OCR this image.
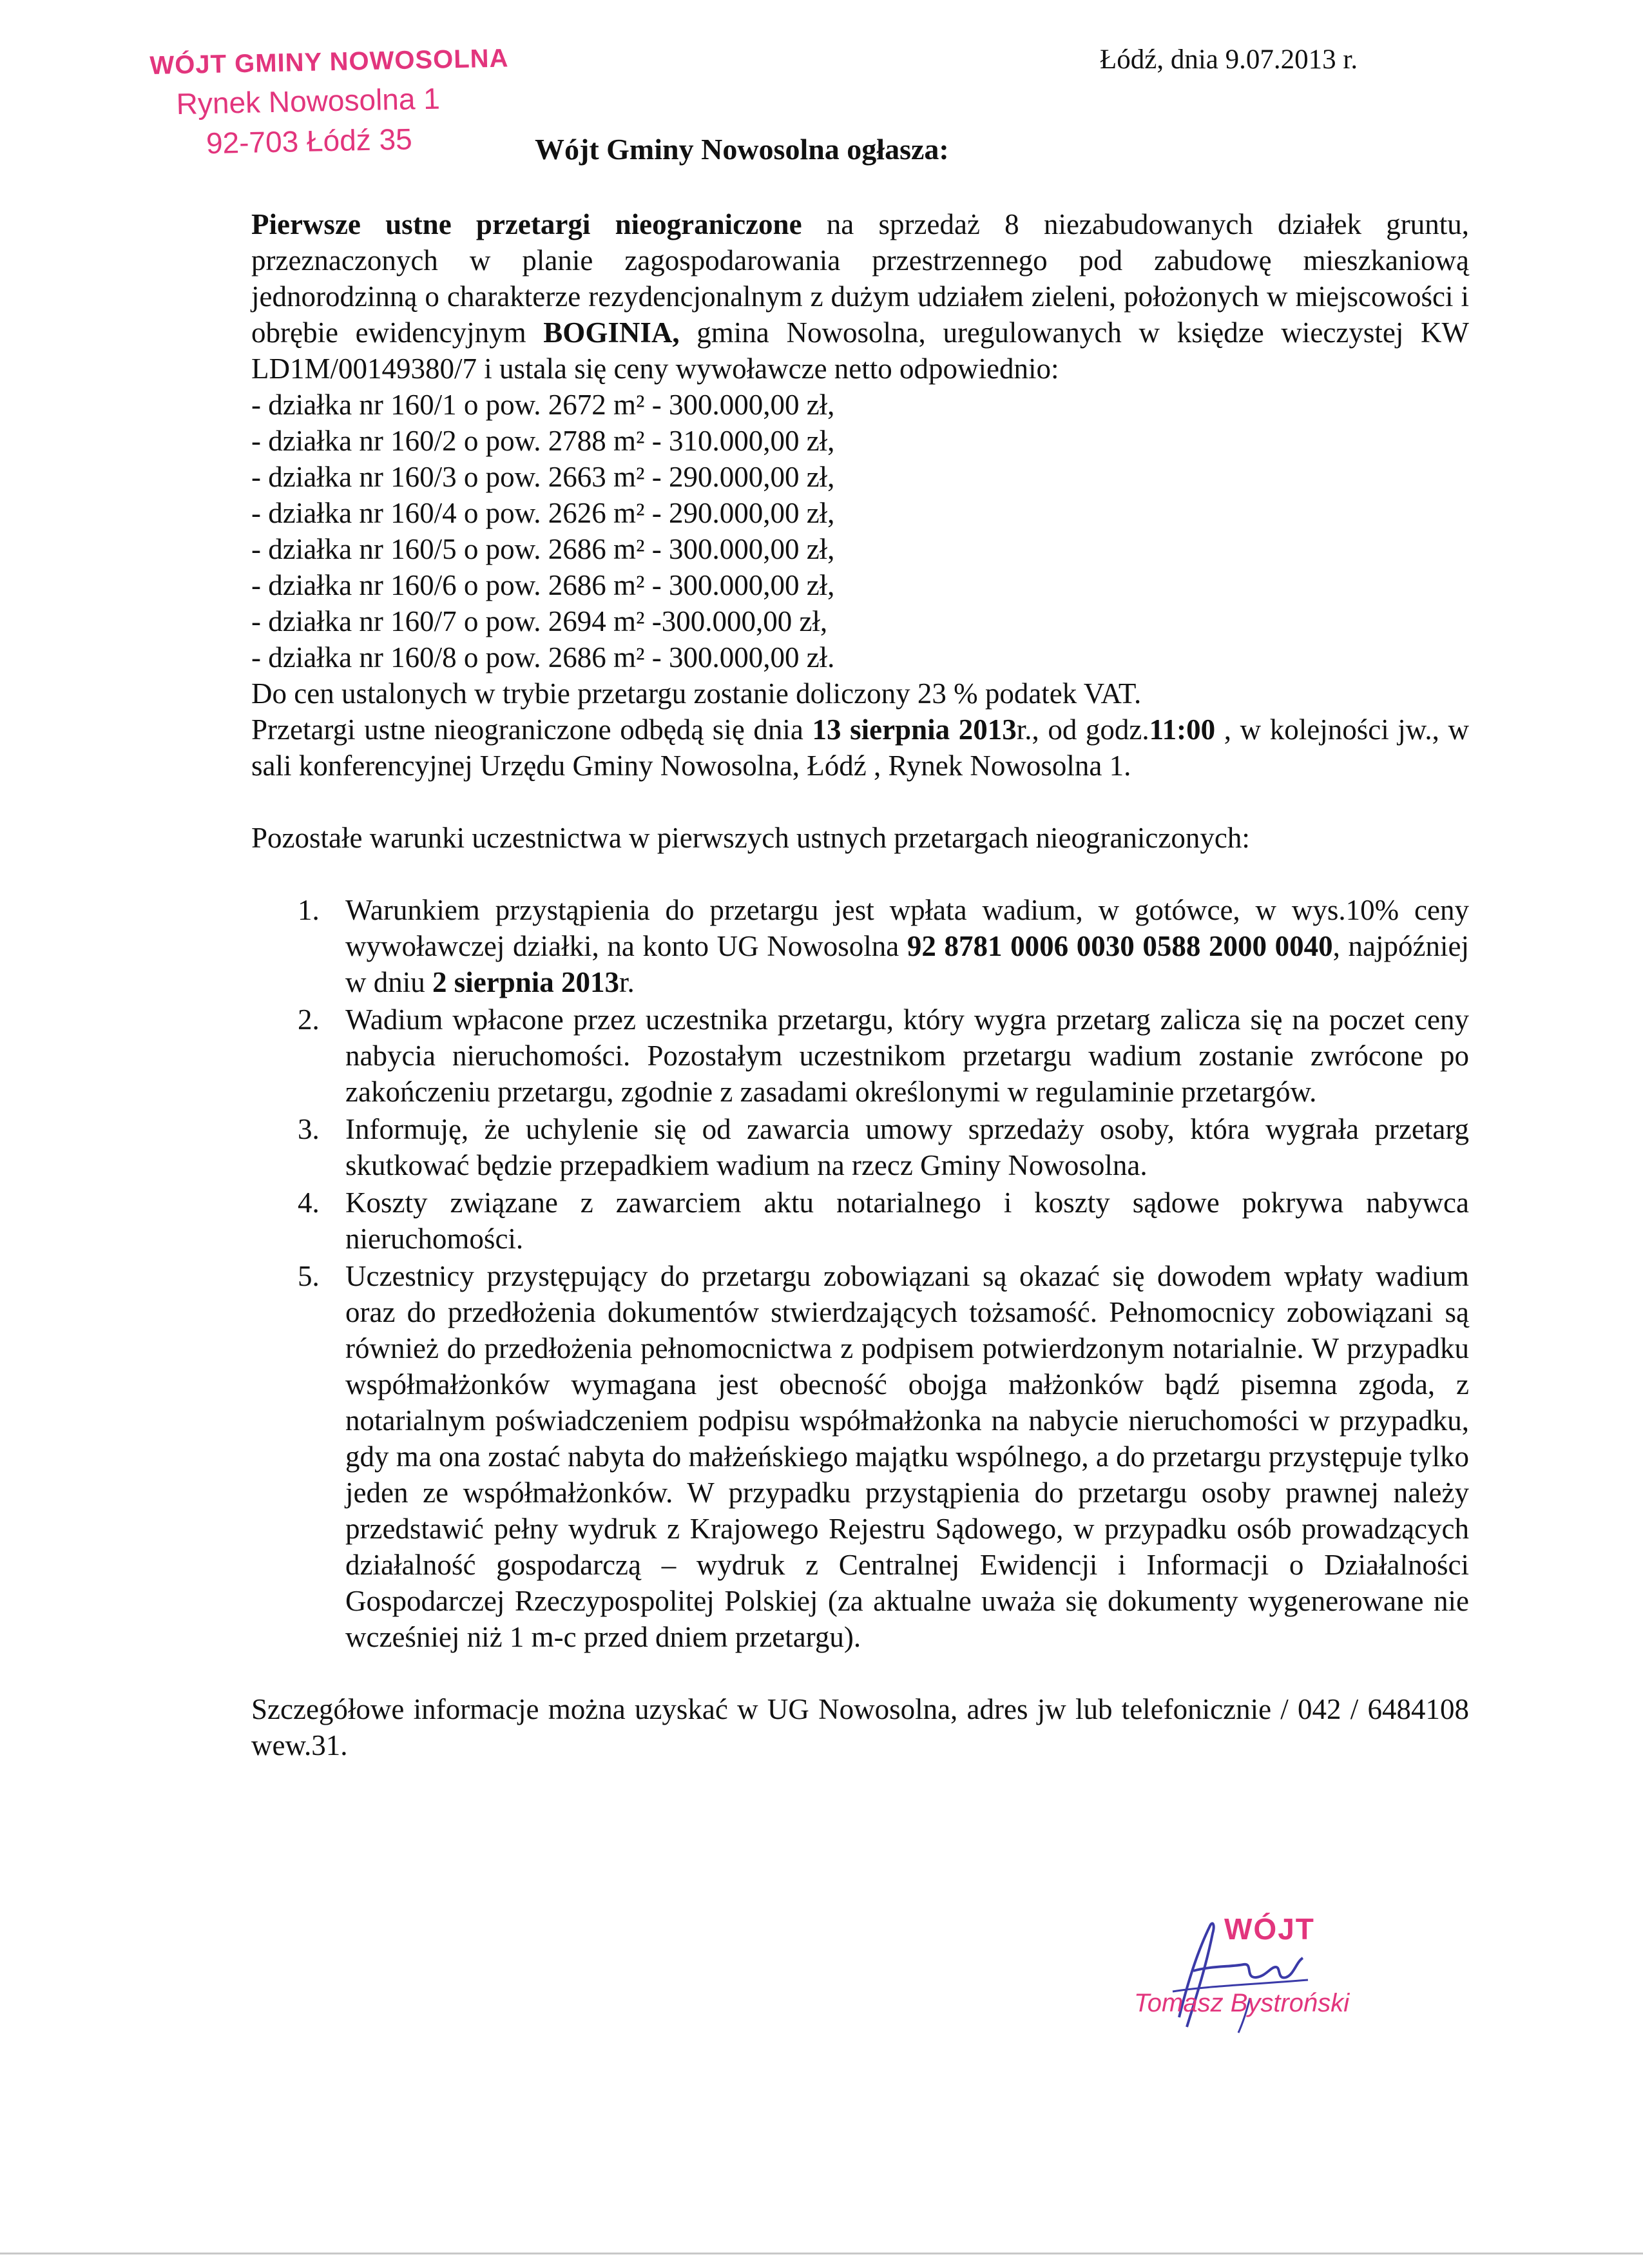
WÓJT GMINY NOWOSOLNA
Rynek Nowosolna 1
92-703 Łódź 35
Łódź, dnia 9.07.2013 r.
Wójt Gminy Nowosolna ogłasza:

Pierwsze ustne przetargi nieograniczone na sprzedaż 8 niezabudowanych działek gruntu, przeznaczonych w planie zagospodarowania przestrzennego pod zabudowę mieszkaniową jednorodzinną o charakterze rezydencjonalnym z dużym udziałem zieleni, położonych w miejscowości i obrębie ewidencyjnym BOGINIA, gmina Nowosolna, uregulowanych w księdze wieczystej KW LD1M/00149380/7 i ustala się ceny wywoławcze netto odpowiednio:

- działka nr 160/1 o pow. 2672 m² - 300.000,00 zł,
- działka nr 160/2 o pow. 2788 m² - 310.000,00 zł,
- działka nr 160/3 o pow. 2663 m² - 290.000,00 zł,
- działka nr 160/4 o pow. 2626 m² - 290.000,00 zł,
- działka nr 160/5 o pow. 2686 m² - 300.000,00 zł,
- działka nr 160/6 o pow. 2686 m² - 300.000,00 zł,
- działka nr 160/7 o pow. 2694 m² -300.000,00 zł,
- działka nr 160/8 o pow. 2686 m² - 300.000,00 zł.
Do cen ustalonych w trybie przetargu zostanie doliczony 23 % podatek VAT.

Przetargi ustne nieograniczone odbędą się dnia 13 sierpnia 2013r., od godz.11:00 , w kolejności jw., w sali konferencyjnej Urzędu Gminy Nowosolna, Łódź , Rynek Nowosolna 1.

Pozostałe warunki uczestnictwa w pierwszych ustnych przetargach nieograniczonych:
1. Warunkiem przystąpienia do przetargu jest wpłata wadium, w gotówce, w wys.10% ceny wywoławczej działki, na konto UG Nowosolna 92 8781 0006 0030 0588 2000 0040, najpóźniej w dniu 2 sierpnia 2013r.
2. Wadium wpłacone przez uczestnika przetargu, który wygra przetarg zalicza się na poczet ceny nabycia nieruchomości. Pozostałym uczestnikom przetargu wadium zostanie zwrócone po zakończeniu przetargu, zgodnie z zasadami określonymi w regulaminie przetargów.
3. Informuję, że uchylenie się od zawarcia umowy sprzedaży osoby, która wygrała przetarg skutkować będzie przepadkiem wadium na rzecz Gminy Nowosolna.
4. Koszty związane z zawarciem aktu notarialnego i koszty sądowe pokrywa nabywca nieruchomości.
5. Uczestnicy przystępujący do przetargu zobowiązani są okazać się dowodem wpłaty wadium oraz do przedłożenia dokumentów stwierdzających tożsamość. Pełnomocnicy zobowiązani są również do przedłożenia pełnomocnictwa z podpisem potwierdzonym notarialnie. W przypadku współmałżonków wymagana jest obecność obojga małżonków bądź pisemna zgoda, z notarialnym poświadczeniem podpisu współmałżonka na nabycie nieruchomości w przypadku, gdy ma ona zostać nabyta do małżeńskiego majątku wspólnego, a do przetargu przystępuje tylko jeden ze współmałżonków. W przypadku przystąpienia do przetargu osoby prawnej należy przedstawić pełny wydruk z Krajowego Rejestru Sądowego, w przypadku osób prowadzących działalność gospodarczą – wydruk z Centralnej Ewidencji i Informacji o Działalności Gospodarczej Rzeczypospolitej Polskiej (za aktualne uważa się dokumenty wygenerowane nie wcześniej niż 1 m-c przed dniem przetargu).

Szczegółowe informacje można uzyskać w UG Nowosolna, adres jw lub telefonicznie / 042 / 6484108 wew.31.

WÓJT
Tomasz Bystroński
